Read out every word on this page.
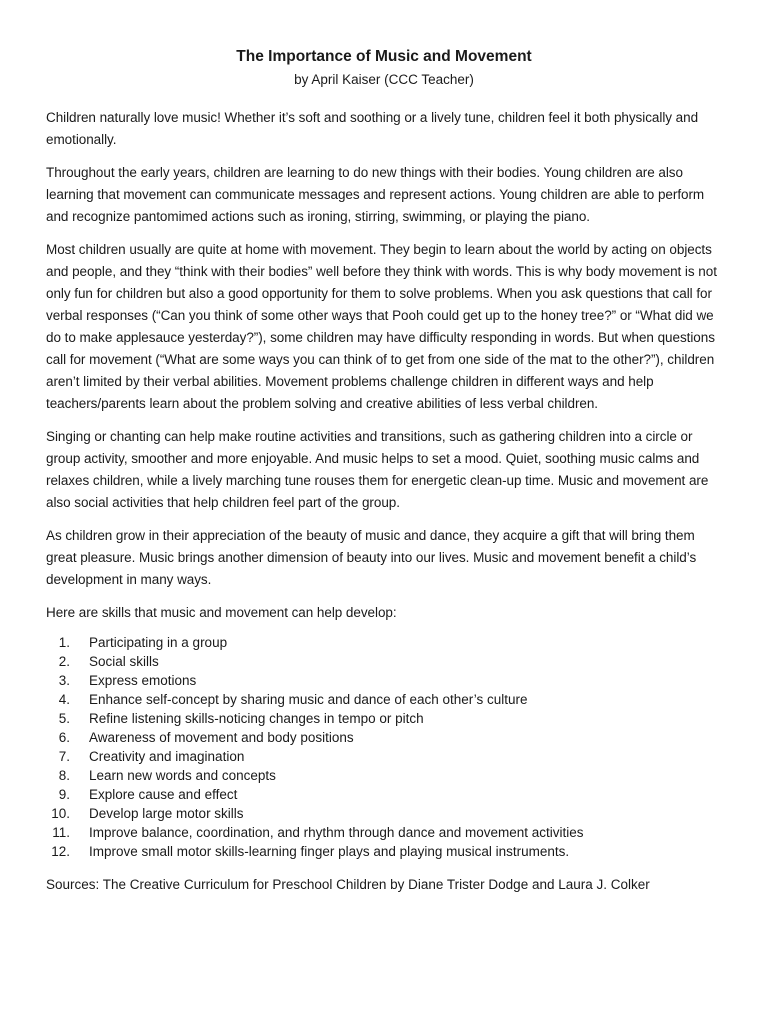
The Importance of Music and Movement
by April Kaiser (CCC Teacher)

Children naturally love music! Whether it’s soft and soothing or a lively tune, children feel it both physically and emotionally.

Throughout the early years, children are learning to do new things with their bodies. Young children are also learning that movement can communicate messages and represent actions. Young children are able to perform and recognize pantomimed actions such as ironing, stirring, swimming, or playing the piano.

Most children usually are quite at home with movement. They begin to learn about the world by acting on objects and people, and they “think with their bodies” well before they think with words. This is why body movement is not only fun for children but also a good opportunity for them to solve problems. When you ask questions that call for verbal responses (“Can you think of some other ways that Pooh could get up to the honey tree?” or “What did we do to make applesauce yesterday?”), some children may have difficulty responding in words. But when questions call for movement (“What are some ways you can think of to get from one side of the mat to the other?”), children aren’t limited by their verbal abilities. Movement problems challenge children in different ways and help teachers/parents learn about the problem solving and creative abilities of less verbal children.

Singing or chanting can help make routine activities and transitions, such as gathering children into a circle or group activity, smoother and more enjoyable. And music helps to set a mood. Quiet, soothing music calms and relaxes children, while a lively marching tune rouses them for energetic clean-up time. Music and movement are also social activities that help children feel part of the group.

As children grow in their appreciation of the beauty of music and dance, they acquire a gift that will bring them great pleasure. Music brings another dimension of beauty into our lives. Music and movement benefit a child’s development in many ways.

Here are skills that music and movement can help develop:

1. Participating in a group
2. Social skills
3. Express emotions
4. Enhance self-concept by sharing music and dance of each other’s culture
5. Refine listening skills-noticing changes in tempo or pitch
6. Awareness of movement and body positions
7. Creativity and imagination
8. Learn new words and concepts
9. Explore cause and effect
10. Develop large motor skills
11. Improve balance, coordination, and rhythm through dance and movement activities
12. Improve small motor skills-learning finger plays and playing musical instruments.

Sources: The Creative Curriculum for Preschool Children by Diane Trister Dodge and Laura J. Colker
